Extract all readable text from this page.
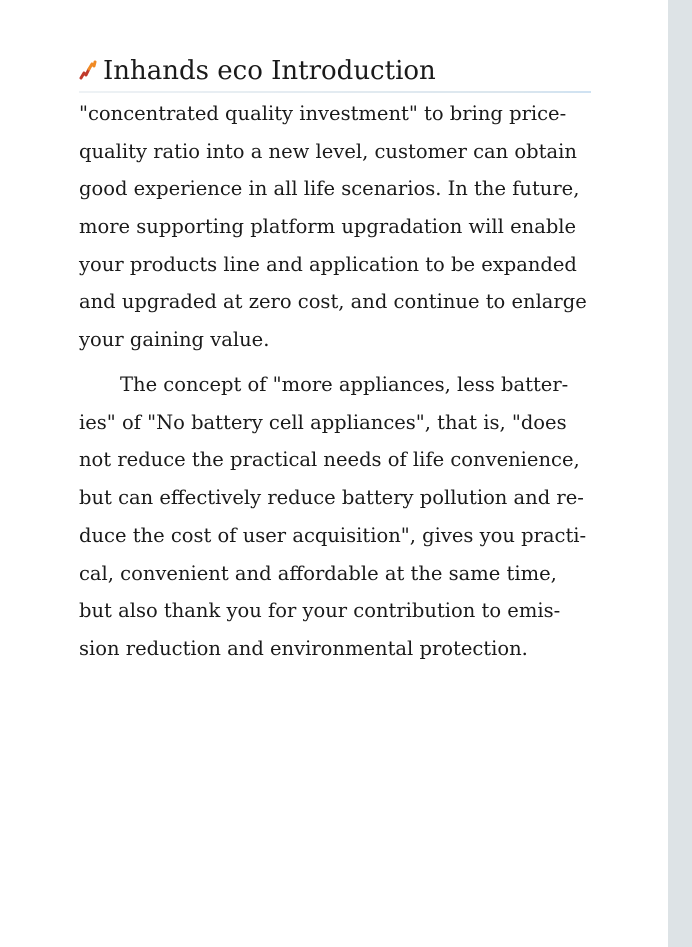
Inhands eco Introduction
"concentrated quality investment" to bring price-
quality ratio into a new level, customer can obtain
good experience in all life scenarios. In the future,
more supporting platform upgradation will enable
your products line and application to be expanded
and upgraded at zero cost, and continue to enlarge
your gaining value.
The concept of "more appliances, less batter-
ies" of "No battery cell appliances", that is, "does
not reduce the practical needs of life convenience,
but can effectively reduce battery pollution and re-
duce the cost of user acquisition", gives you practi-
cal, convenient and affordable at the same time,
but also thank you for your contribution to emis-
sion reduction and environmental protection.
